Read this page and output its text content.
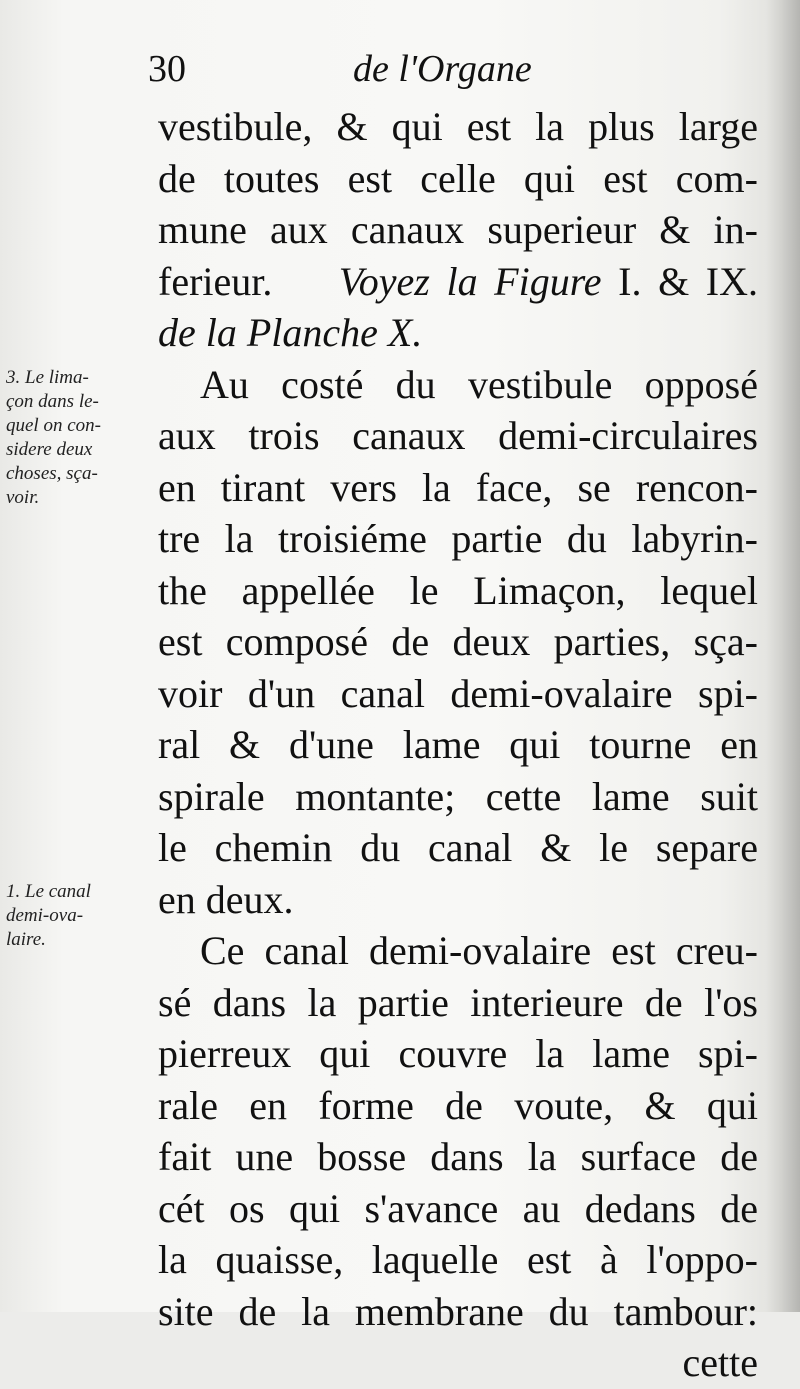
30	de l'Organe
3. Le lima-
çon dans le-
quel on con-
sidere deux
choses, sça-
voir.
1. Le canal
demi-ova-
laire.
vestibule, & qui est la plus large
de toutes est celle qui est com-
mune aux canaux superieur & in-
ferieur. Voyez la Figure I. & IX.
de la Planche X.
Au costé du vestibule opposé
aux trois canaux demi-circulaires
en tirant vers la face, se rencon-
tre la troisiéme partie du labyrin-
the appellée le Limaçon, lequel
est composé de deux parties, sça-
voir d'un canal demi-ovalaire spi-
ral & d'une lame qui tourne en
spirale montante; cette lame suit
le chemin du canal & le separe
en deux.
Ce canal demi-ovalaire est creu-
sé dans la partie interieure de l'os
pierreux qui couvre la lame spi-
rale en forme de voute, & qui
fait une bosse dans la surface de
cét os qui s'avance au dedans de
la quaisse, laquelle est à l'oppo-
site de la membrane du tambour:
cette
